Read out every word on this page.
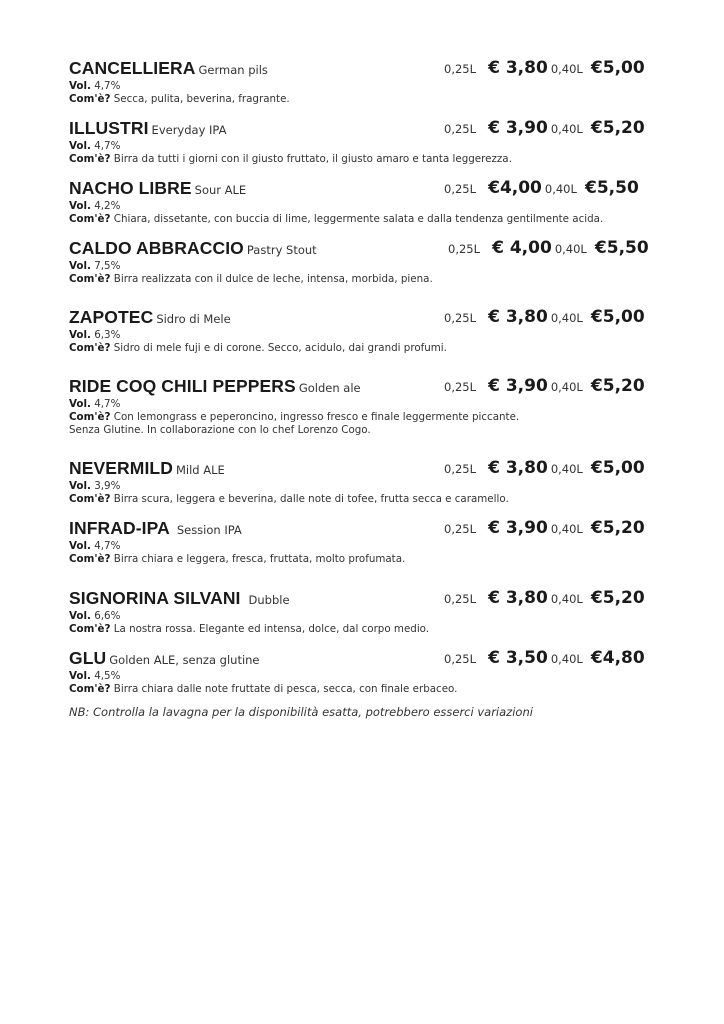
CANCELLIERA German pils	0,25L € 3,80 0,40L €5,00
Vol. 4,7%
Com'è? Secca, pulita, beverina, fragrante.
ILLUSTRI Everyday IPA	0,25L € 3,90 0,40L €5,20
Vol. 4,7%
Com'è? Birra da tutti i giorni con il giusto fruttato, il giusto amaro e tanta leggerezza.
NACHO LIBRE Sour ALE	0,25L €4,00 0,40L €5,50
Vol. 4,2%
Com'è? Chiara, dissetante, con buccia di lime, leggermente salata e dalla tendenza gentilmente acida.
CALDO ABBRACCIO Pastry Stout	0,25L € 4,00 0,40L €5,50
Vol. 7,5%
Com'è? Birra realizzata con il dulce de leche, intensa, morbida, piena.
ZAPOTEC Sidro di Mele	0,25L € 3,80 0,40L €5,00
Vol. 6,3%
Com'è? Sidro di mele fuji e di corone. Secco, acidulo, dai grandi profumi.
RIDE COQ CHILI PEPPERS Golden ale	0,25L € 3,90 0,40L €5,20
Vol. 4,7%
Com'è? Con lemongrass e peperoncino, ingresso fresco e finale leggermente piccante.
Senza Glutine. In collaborazione con lo chef Lorenzo Cogo.
NEVERMILD Mild ALE	0,25L € 3,80 0,40L €5,00
Vol. 3,9%
Com'è? Birra scura, leggera e beverina, dalle note di tofee, frutta secca e caramello.
INFRAD-IPA Session IPA	0,25L € 3,90 0,40L €5,20
Vol. 4,7%
Com'è? Birra chiara e leggera, fresca, fruttata, molto profumata.
SIGNORINA SILVANI Dubble	0,25L € 3,80 0,40L €5,20
Vol. 6,6%
Com'è? La nostra rossa. Elegante ed intensa, dolce, dal corpo medio.
GLU Golden ALE, senza glutine	0,25L € 3,50 0,40L €4,80
Vol. 4,5%
Com'è? Birra chiara dalle note fruttate di pesca, secca, con finale erbaceo.
NB: Controlla la lavagna per la disponibilità esatta, potrebbero esserci variazioni
